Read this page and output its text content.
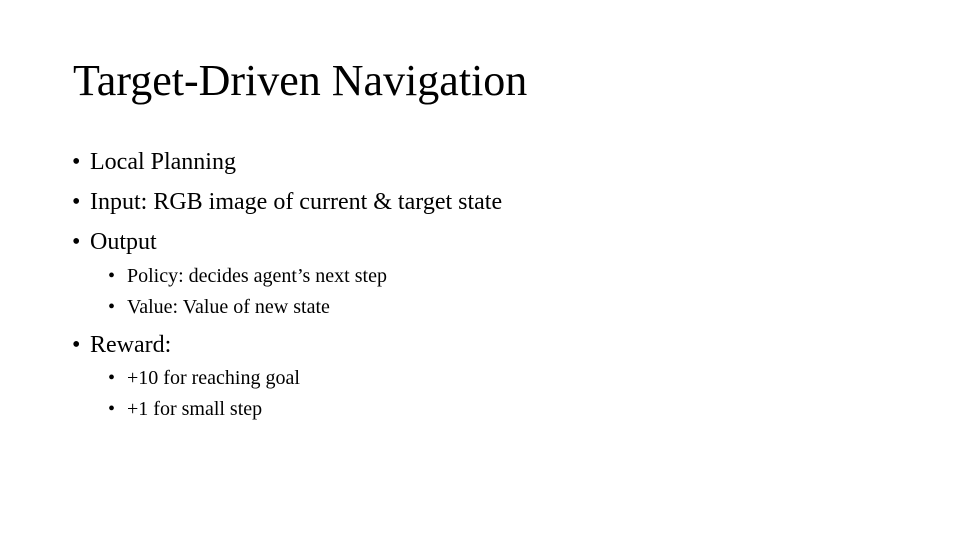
Target-Driven Navigation
• Local Planning
• Input: RGB image of current & target state
• Output
• Policy: decides agent’s next step
• Value: Value of new state
• Reward:
• +10 for reaching goal
• +1 for small step
